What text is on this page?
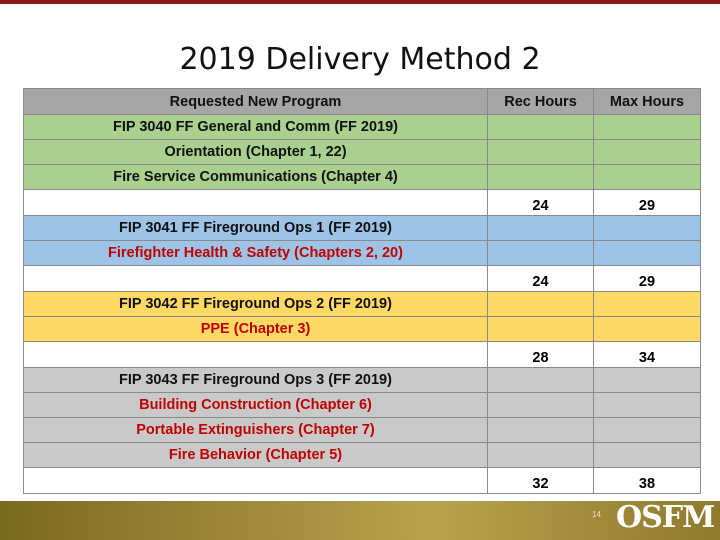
2019 Delivery Method 2
Requested New Program	Rec Hours	Max Hours
FIP 3040 FF General and Comm (FF 2019)		
Orientation (Chapter 1, 22)		
Fire Service Communications (Chapter 4)		
	24	29
FIP 3041 FF Fireground Ops 1 (FF 2019)		
Firefighter Health & Safety (Chapters 2, 20)		
	24	29
FIP 3042 FF Fireground Ops 2 (FF 2019)		
PPE (Chapter 3)		
	28	34
FIP 3043 FF Fireground Ops 3 (FF 2019)		
Building Construction (Chapter 6)		
Portable Extinguishers (Chapter 7)		
Fire Behavior (Chapter 5)		
	32	38
14 OSFM
